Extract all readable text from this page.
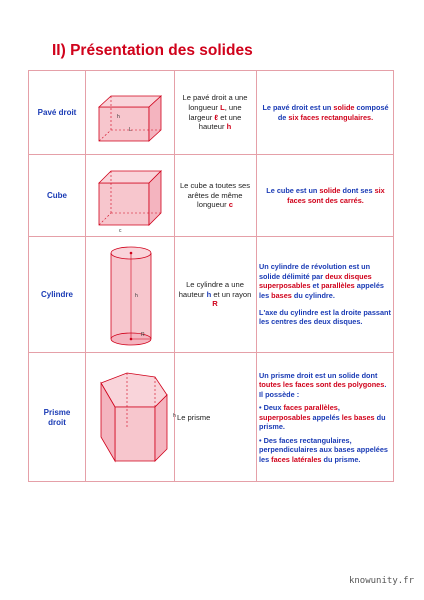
II) Présentation des solides
Pavé droit
h
L

Le pavé droit a une longueur L, une largeur ℓ et une hauteur h

Le pavé droit est un solide composé de six faces rectangulaires.

Cube
c

Le cube a toutes ses arêtes de même longueur c

Le cube est un solide dont ses six faces sont des carrés.

Cylindre	h
R

Le cylindre a une hauteur h et un rayon R

Un cylindre de révolution est un solide délimité par deux disques superposables et parallèles appelés les bases du cylindre.

L'axe du cylindre est la droite passant les centres des deux disques.

Prisme
droit
h Le prisme

Un prisme droit est un solide dont toutes les faces sont des polygones. Il possède :

• Deux faces parallèles, superposables appelés les bases du prisme.

• Des faces rectangulaires, perpendiculaires aux bases appelées les faces latérales du prisme.

knowunity.fr
